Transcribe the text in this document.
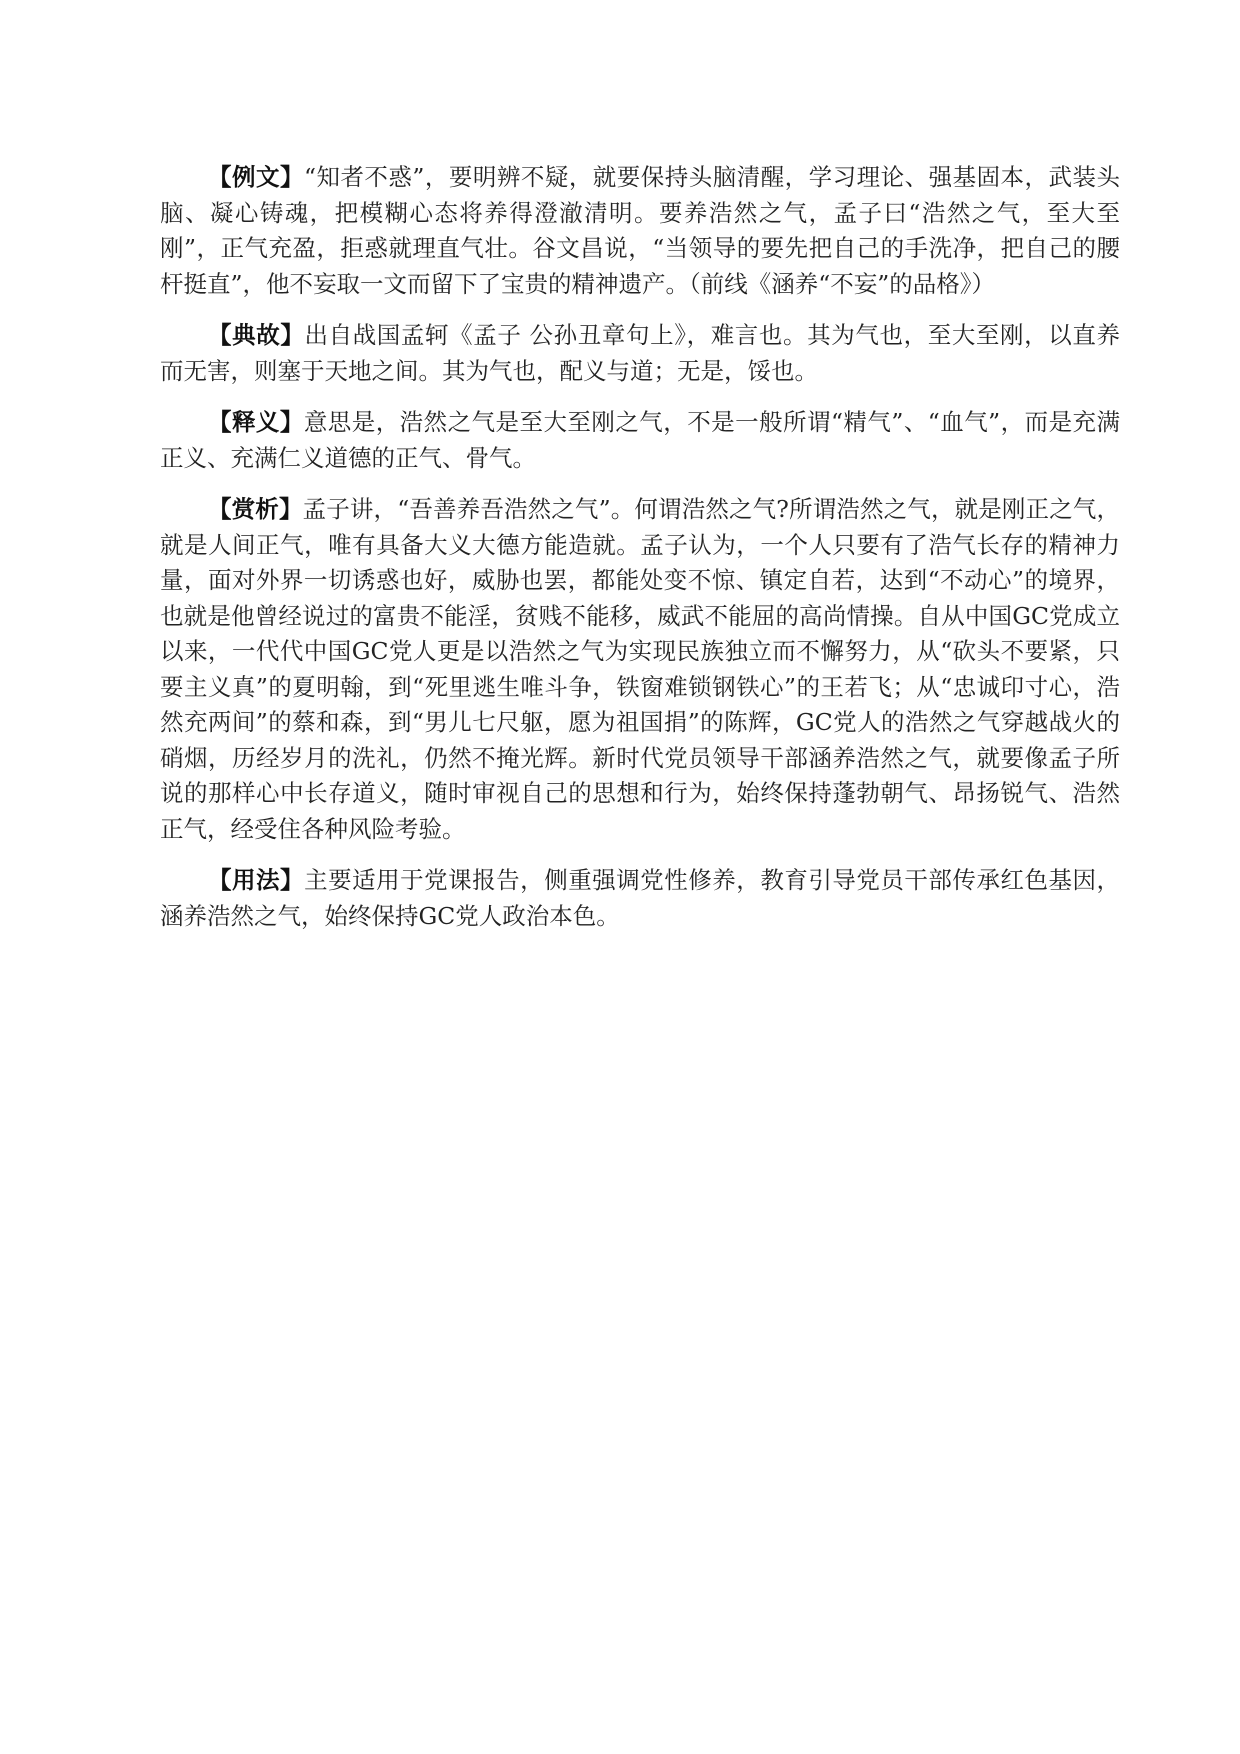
【例文】“知者不惑”，要明辨不疑，就要保持头脑清醒，学习理论、强基固本，武装头脑、凝心铸魂，把模糊心态将养得澄澈清明。要养浩然之气，孟子曰“浩然之气，至大至刚”，正气充盈，拒惑就理直气壮。谷文昌说，“当领导的要先把自己的手洗净，把自己的腰杆挺直”，他不妄取一文而留下了宝贵的精神遗产。（前线《涵养“不妄”的品格》）

【典故】出自战国孟轲《孟子 公孙丑章句上》，难言也。其为气也，至大至刚，以直养而无害，则塞于天地之间。其为气也，配义与道；无是，馁也。

【释义】意思是，浩然之气是至大至刚之气，不是一般所谓“精气”、“血气”，而是充满正义、充满仁义道德的正气、骨气。

【赏析】孟子讲，“吾善养吾浩然之气”。何谓浩然之气?所谓浩然之气，就是刚正之气，就是人间正气，唯有具备大义大德方能造就。孟子认为，一个人只要有了浩气长存的精神力量，面对外界一切诱惑也好，威胁也罢，都能处变不惊、镇定自若，达到“不动心”的境界，也就是他曾经说过的富贵不能淫，贫贱不能移，威武不能屈的高尚情操。自从中国GC党成立以来，一代代中国GC党人更是以浩然之气为实现民族独立而不懈努力，从“砍头不要紧，只要主义真”的夏明翰，到“死里逃生唯斗争，铁窗难锁钢铁心”的王若飞；从“忠诚印寸心，浩然充两间”的蔡和森，到“男儿七尺躯，愿为祖国捐”的陈辉，GC党人的浩然之气穿越战火的硝烟，历经岁月的洗礼，仍然不掩光辉。新时代党员领导干部涵养浩然之气，就要像孟子所说的那样心中长存道义，随时审视自己的思想和行为，始终保持蓬勃朝气、昂扬锐气、浩然正气，经受住各种风险考验。

【用法】主要适用于党课报告，侧重强调党性修养，教育引导党员干部传承红色基因，涵养浩然之气，始终保持GC党人政治本色。
